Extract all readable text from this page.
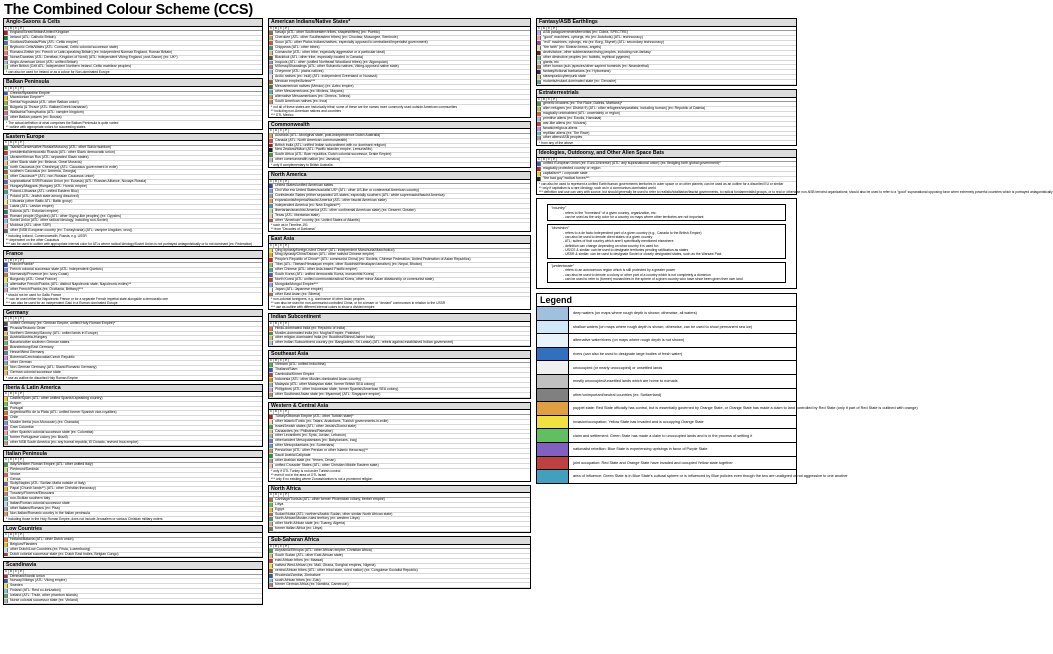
The Combined Colour Scheme (CCS)
Anglo-Saxons & Celts
C D	F	P
England/Great Britain/United Kingdom
Ireland (ATL: Catholic Britain)
Scotland/Dalriada/Picts (ATL: Celtic empire)
Brythonic Celts/Wales (ATL: Cornwall, Celtic colonial successor state)
Romano-British (ex: French or Latin-speaking Britain) (ex: independent Norman England, Roman Britain)
Norse/Danelaw (ATL: Denelaw, Kingdom of Nordi) (ATL: independent Viking England, post-Saxon) (ex: UK*)
Anglo-American Union (ATL: unified Britain)
other British (Celt ATL: independent Northern Ireland, Celtic matrilear peoples)
* can also be used for Ireland or as a colour for Non-dominated Europe
Balkan Peninsula
C D	F	P
Greece/Byzantine Empire
Macedonian Empire**
Serbia/Yugoslavia (ATL: other Balkan union)
Bulgaria (& Thrace (ATL: Balkan/Greek barbarian)
Wallachia/Transylvania (ATL: vampire kingdom)
other Balkan powers (ex: Bosnia)
* The actual definition of what comprises the Balkan Peninsula is quite varied
** outline with appropriate colors for succeeding states
Eastern Europe
C D	F	P
Tsarist/Conservative Russia/Muscovy (ATL: other Slavic tsardom)
presidential/democratic Russia (ATL: other Slavic democratic union)
Ukraine/Kievan Rus (ATL: separated Slavic states)
other Slavic state (ex: Belarus, Great Moravia)
north Caucasus (ex: Chechnya) (ATL: Caucasus government in exile)
southern Caucasus (ex: Armenia, Georgia)
other Caucasus** (ATL: non-Russian Caucasus union)
supranational SSR/Russian Union (ex: Eurasia) (ATL: Russian Alliance, Novaya Russia)
Hungary/Magyars (Hungary (ATL: Hunnic empire)
Poland-Lithuania (ATL: unified Eastern Bloc)
Poland (ATL: Jewish state among dissolved)
Lithuania (other Baltic ATL: Baltic group)
Latvia (ATL: Latvian empire)
Estonia (ATL: Estonian empire)
Romani people (Gypsies) (ATL: other Gypsy-like peoples) (ex: Gypsies)
Soviet Union (ATL: other radical ideology, including non-Soviet)
Moldova (ATL: other SSR)
other (NSB European country (ex: Transylvania) (ATL: vampire kingdom, orcs))
* including Iceland, Commonwealth, Russia, e.g. USSR
** dependent on the other Caucasus
*** can be used to outline with appropriate internal color for ATLs where radical ideology/Soviet Union is not portrayed antagonistically or to not dominant (ex: Federation)
France
C D	F	P
France/Franks*
French colonial successor state (ATL: independent Quebec)
Normandy/Provence (ex: Ivory Coast)
Burgundy (ATL: Great France)
alternative French/Franks (ATL: distinct Napoleonic state, Napoleonic exiles)**
other French/Franks (ex: Occitania, Brittany)***
* should not be used for Gallic France
** can be used either for Napoleonic France or for a separate French imperial state alongside a democratic one
*** can also be used for an independent Gaul in a Roman dominated Europe
Germany
C D	F	P
unified Germany (ex: German Empire, unified Holy Roman Empire)*
Prussia/Teutonic Order
Northern Germany/Saxony (ATL: united lands in Europe)
Austria/Austria-Hungary
Bavaria/other southern German states
Brandenburg/East Germany
Hesse/West Germany
Bohemia/Czechoslovakia/Czech Republic
other German
Non-German Germany (ATL: Slavic/Romanic Germany)
German colonial successor state
* use as outline for disunited Holy Roman Empire
Iberia & Latin America
C D	F	P
Castile/Spain (ATL: other unified Spanish-speaking country)
Aragon
Portugal
Argentina/Rio de la Plata (ATL: unified former Spanish vice-royalties)
Chile
Muslim Iberia (non-Moroccan) (ex: Granada)
Gran Colombia
other Spanish colonial successor state (ex: Colombia)
former Portuguese colony (ex: Brazil)
other NSB South America (ex: any boreal republic, El Dorado, revived Inca empire)
Italian Peninsula
C D	F	P
Italy/Western Roman Empire (ATL: other unified Italy)
Piedmont/Sardinia
Venice
Genoa
Sicily/Naples (ATL: Sicilian Mafia outside of Italy)
Papal (Church lands**) (ATL: other Christian theocracy)
Tuscany/Florence/Etruscans
non-Sicilian southern Italy
Italian/Roman colonial successor state
other Italians/Romans (ex: Pisa)
Non-Italian/Romanic country in the Italian peninsula
* including those in the Holy Roman Empire; does not include Jerusalem or various Christian military orders
Low Countries
C D	F	P
Holland/Batavia (ATL: other Dutch union)
Belgium/Flanders
other Dutch/Low Countries (ex: Frisia, Luxembourg)
Dutch colonial successor state (ex: Dutch East Indies, Belgian Congo)
Scandinavia
C D	F	P
Denmark/Nordic union
Norway/Vikings (ATL: Viking empire)
Sweden
Finland (ATL: Rest co-lonization)
Iceland (ATL: Thule, other phantom islands)
Norse colonial successor state (ex: Vinland)
American Indians/Native States*
C D	F	P
Navajo (ATL: other Southwestern tribes, shapeshifters) (ex: Pueblo)
Cherokee (ATL: other Southeastern tribes) (ex: Choctaw, Muscogee, Seminole)
Sioux (ATL: other Plains Indians/natives, especially opposed to centralized/imperialist government)
Chippewa (ATL: other tribes)
Comanche (ATL: other tribe, especially aggressive or a particular ideal)
Blackfoot (ATL: other tribe, especially located in Canada)
Iroquois (ATL: other (unified Northeast Woodland tribes) (ex: Algonquian)
Mi'kmaq/Shawalings (ATL: other Subarctic natives, Viking-opposed native state)
Cheyenne (ATL: plains natives)
Arctic natives (ex: Inuit) (ATL: independent Greenland or Nunavut)
Mexican empire/Aztecs***
Mesoamerican natives (Mexico) (ex: Aztec empire)
other Mesoamericans (ex: Mixtecs, Mayans)
alternative Mesoamericans (ex: Olmecs, Toltecs)
South American natives (ex: Inca)
* not all of these states are historically tribal; some of these are the names more commonly used outside American communities
** including non-American natives and countries
*** OTL Mexico
Commonwealth
C D	F	P
Australia (ATL: Aboriginal state, post-independence Dutch Australia)
Canada (ATL: North American commonwealth)
British India (ATL: unified Indian subcontinent with no dominant religion)
New Zealand/Māori (ATL: Pacific islander empire, Lemuria/Mu)
South Africa (ATL: Boer republics, Dutch colonial successor, Drake Empire)
other commonwealth nation (ex: Jamaica)
* only if complementary to British Australia
North America
C D	F	P
United States/unified American states
Civil War era United States/socialist US* (ATL: other US-like or continental American country)
Confederate States (either separated US states, especially southern (ATL: white supremacist/fascist America)
expansionist/imperial/fascist America (ATL: other fascist American state)
independent America (ex: New England**)
libertarian/anarchist America (ATL: other continental American state) (ex: Deseret, Greater)
Texas (ATL: libertarian state)
other "American" country (ex: United States of Atlantis)
* such as in Timeline-191
** from "Decades of Darkness"
East Asia
C D	F	P
Qing dynasty/foreign-ruled China* (ATL: independent Manchuria/Manchukuo)
Ming dynasty/China/Taiwan (ATL: other nativist Chinese empire)
People's Republic of China** (ATL: communist China) (ex: Soviets, Chinese Federation, United Federation of Asian Republics)
Tibet (ATL: Tibetan/Himalayan empire, other Buddhist/Himalayan lamaism) (ex: Nepal, Bhutan)
other Chinese (ATL: other Asia-based Pacific empire)
South Korea (ATL: unified democratic Korea, monarchist Korea)
North Korea (ATL: unified communist/radical Korea, other minor Asian dictatorship or communist state)
Mongolia/Mongol Empire***
Japan (ATL: Japanese empire)
other East Asian (ex: Siberia)
* non-colonial foreigners, e.g. dominance of other Asian peoples
** can also be used for non-communist controlled China, or for a lesser or "deviant" communism in relation to the USSR
*** use as outline with different internal colors to show a divided empire
Indian Subcontinent
C D	F	P
Hindu-dominated India (ex: Republic of India)
Muslim-dominated India (ex: Mughal Empire, Pakistan)
other religion-dominated India (ex: Buddhist/Sikhist/Jainist India)
other Indian Subcontinent country (ex: Bangladesh, Sri Lanka) (ATL: rebels against established Indian government)
Southeast Asia
C D	F	P
Vietnam (ATL: unified Indochina)
Thailand/Siam
Cambodia/Khmer Empire
Indonesia (ATL: other Muslim-dominated Asian country)
Malaysia (ATL: other Malaysian state, former British SEA colony)
Philippines (ATL: other Indonesian state, former Spanish/American SEA colony)
other Southeast Asian state (ex: Myanmar) (ATL: Singapore empire)
Western & Central Asia
C D	F	P
Turkey/Ottoman Empire (ATL: other Turkish state)*
other Islamic/Turkic (ex: Tatars, Anatolians, Turkish governments-in-exile)
Israel/Jewish states (ATL: other Jewish/Zionist state)
Canaanites (ex: Philistines/Palestine)
other Levantines (ex: Syria, Jordan, Lebanon)
other/ancient Mesopotamians (ex: Babylonians, Iraq)
other Mesopotamians (ex: Sumerians)
Persia/Iran (ATL: other Persian or other Islamic theocracy)**
Saudi Arabia/Caliphate
other Arabian state (ex: Yemen, Oman)
unified Crusader States (ATL: other Christian Middle Eastern state)
* only if OTL Turkey is not under Turkish control
** even if not in the area of OTL Israel
*** only if no existing where Zoroastrianism is not a prominent religion
North Africa
C D	F	P
Carthage/Tunisia (ATL: other former Phoenician colony, berber empire)
Libya
Egypt
Sudan/Nubia (ATL: northern/Arabic Sudan, other similar North African state)
North African/Muslim-ruled territory (ex: western Libya)
other North African state (ex: Tuareg, Algeria)
former Italian Africa (ex: Libya)
Sub-Saharan Africa
C D	F	P
Abyssinia/Ethiopia (ATL: other African empire, Christian Africa)
South Sudan (ATL: other East African state)
east African tribes (ex: Maasai)
nativist West African (ex: Mali, Ghana, Songhai empires, Nigeria)
central African tribes (ATL: other tribal state, ruled nation) (ex: Congolese Socialist Republic)
Rhodesia/Zambia, Zimbabwe
south African tribes (ex: Zulu)
former German Africa (ex: Namibia, Cameroon)
Fantasy/ASB Earthlings
C D	F	P
ASB paragovernment/terrorists (ex: Cobra, SPECTRE)
"good" machines, cyborgs, etc (ex: Autobots) (ATL: technocracy)
"evil" machines, cyborgs, etc (ex: Borg, Skynet) (ATL: secondary technocracy)
"the faith" (ex: Sixtean brews, angels)
devils/tahoe, other subterranean/rising peoples, including non-fantasy
other diminutive peoples (ex: hobbits, mythical pygmies)
giants, etc
other human (sub-)species/other sapient hominids (ex: Neanderthal)
fantasy/fictional barbarians (ex: Hyboreans)
steampunk/cyberpunk state
mutants/mutant-dominated state (ex: Genoshe)
Extraterrestrials
C D	F	P
generic invaders (ex: The Race, Daleks, Martians)*
alien refugees (ex: District 9) (ATL: other refugees/separatists, including human) (ex: Republic of Dalmia)
magically uninhabited (ATL: uncertainty or region)
primitive aliens (ex: Ewoks, Hamdaal)
war-like aliens (ex: Vulcans)
fanatic/religious aliens
reptilian aliens (ex: The Race)
other aliens/ASB peoples
* from any of the above
Ideologies, Outdoorsy, and Other Alien Space Bats
C D	F	P
unified European Union (ex: Euro-Universe) (ATL: any supranational union) (ex: fledgling forth global government)*
magically protected country or region
capitalism** / corporate state
"the bad guy"/radical forces***
* can also be used to represent a unified Earth/human governments territories in outer space or on other planets; can be used as an outline for a disunited EU or similar
** only if capitalism is a rare ideology, such as in a communism-dominated world
*** definition and use can vary with source, but should generally be used to refer to realistic/totalitarian/fascist governments, to radical fundamentalist groups, or to real or otherwise non-NSB terrorist organizations; should also be used to refer to a "good" supranational opposing force when extremely powerful countries which is portrayed antagonistically
"country"
- refers to the "homeland" of a given country, organization, etc.
- can be used as the only color for a country on maps where other territories are not important
"dominion"
- refers to a de facto independent part of a given country (e.g., Canada to the British Empire)
- can also be used to denote client states of a given country
- ATL: suites of that country which aren't specifically mentioned elsewhere
- definition can change depending on what country it is used for:
- US/CS & similar: can be used to designate territories pending ratification as states
- USSR & similar: can be used to designate Soviet or closely designated states, such as the Warsaw Pact
"protectorate"
- refers to an autonomous region which is still protected by a greater power
- can also be used to denote a colony or other part of a country which is not completely a dominion
- can be used to refer to (former) monarchies in the sphere of a given country who have since been given their own land
Legend
deep waters (on maps where rough depth is shown; otherwise, all waters)
shallow waters (on maps where rough depth is shown; otherwise, can be used to show permanent sea ice)
alternative water/rivers (on maps where rough depth is not shown)
rivers (can also be used to designate large bodies of fresh water)
unoccupied (or nearly unoccupied) or unsettled lands
mostly unoccupied/unsettled lands which are home to nomads
other/unimportant/neutral countries (ex: Switzerland)
puppet state: Red State officially has control, but is essentially governed by Orange State, or Orange State has made a claim to land controlled by Red State (only if part of Red State is outlined with orange)
invasion/occupation: Yellow State has invaded and is occupying Orange State
claim and settlement: Green State has made a claim to unoccupied lands and is in the process of settling it
nationalist rebellion: Blue State is experiencing uprisings in favor of Purple State
joint occupation: Red State and Orange State have invaded and occupied Yellow state together
area of influence: Green State is in Blue State's cultural sphere or is influenced by Blue policies even though the two are unaligned or not aggressive to one another
